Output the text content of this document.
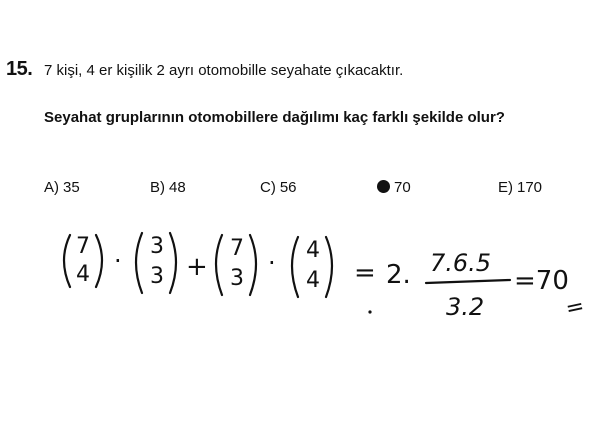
15. 7 kişi, 4 er kişilik 2 ayrı otomobille seyahate çıkacaktır.
Seyahat gruplarının otomobillere dağılımı kaç farklı şekilde olur?
A) 35	B) 48	C) 56	70	E) 170
7
4 ·
3
3 +
7
3
· 4
4 = 2. 7.6.5
3.2
=70
=
